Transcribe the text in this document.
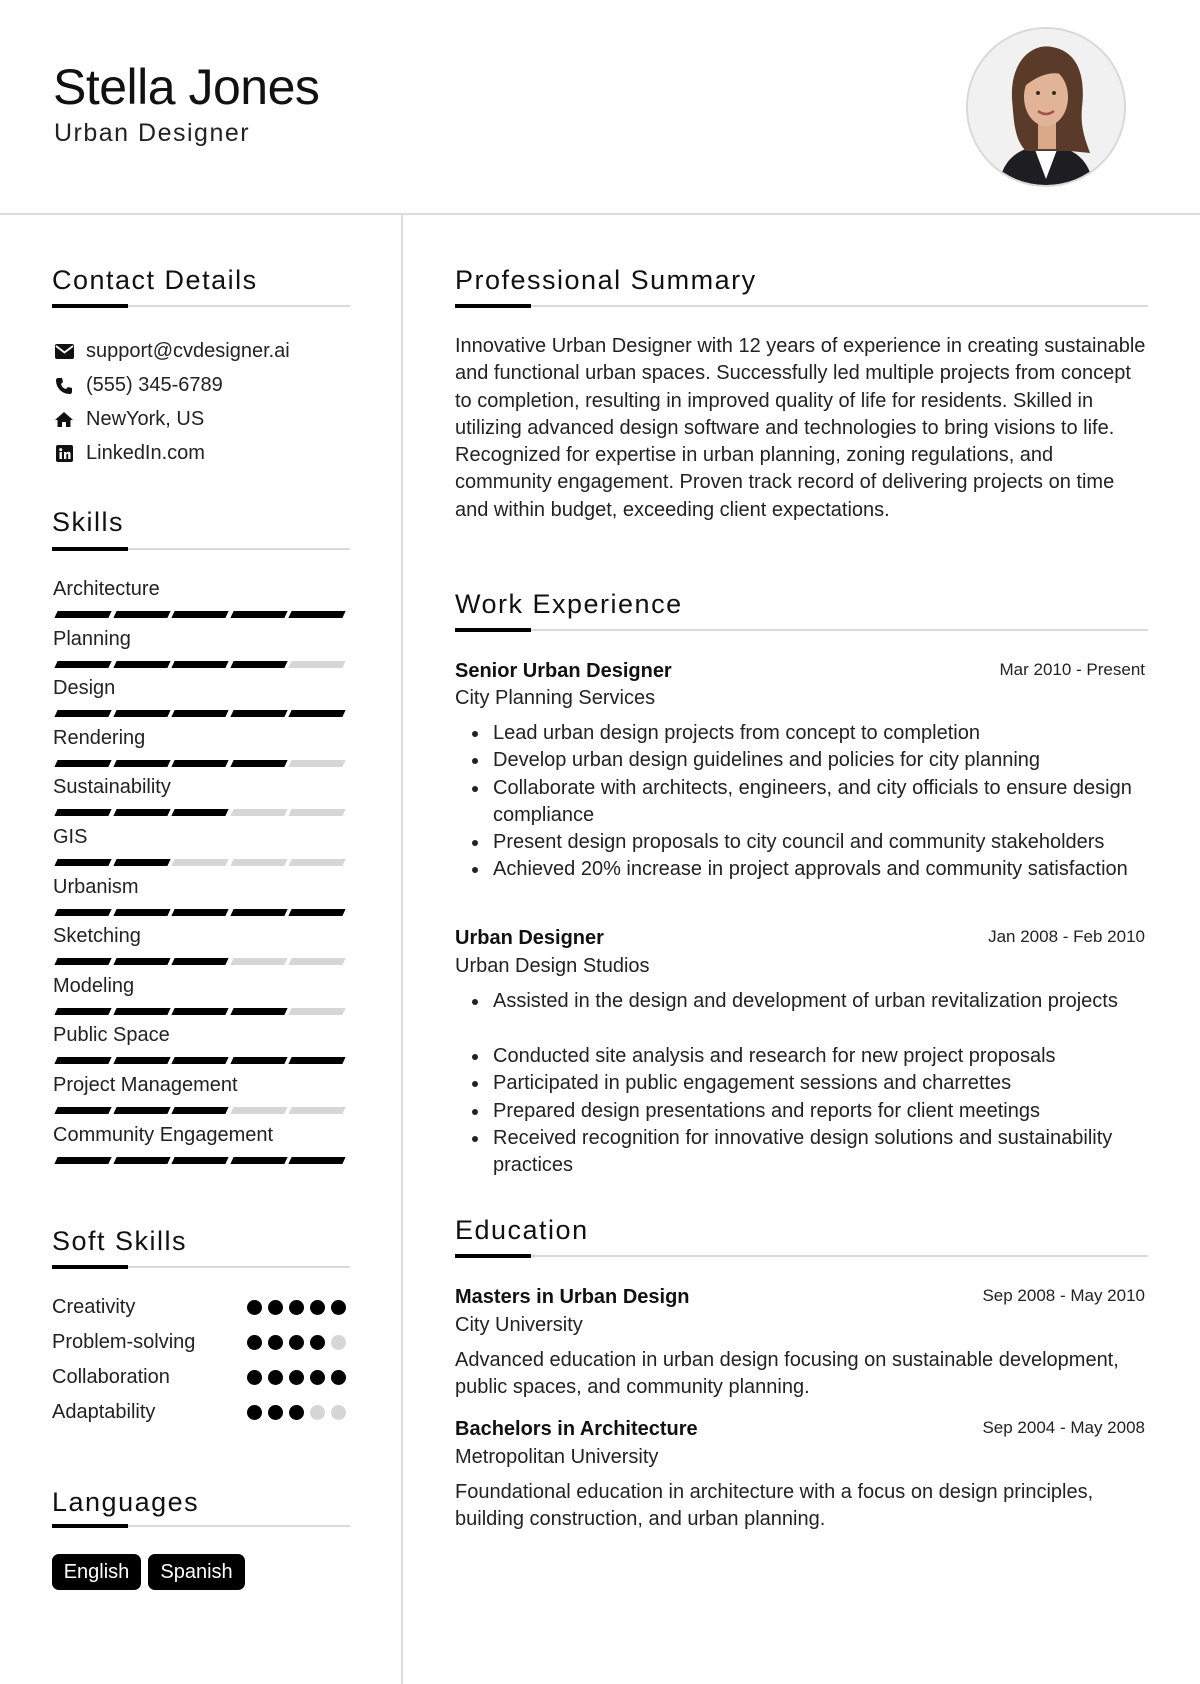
Stella Jones
Urban Designer
Contact Details
support@cvdesigner.ai
(555) 345-6789
NewYork, US
LinkedIn.com
Skills
Architecture
Planning
Design
Rendering
Sustainability
GIS
Urbanism
Sketching
Modeling
Public Space
Project Management
Community Engagement
Soft Skills
Creativity
Problem-solving
Collaboration
Adaptability
Languages
English	Spanish
Professional Summary
Innovative Urban Designer with 12 years of experience in creating sustainable and functional urban spaces. Successfully led multiple projects from concept to completion, resulting in improved quality of life for residents. Skilled in utilizing advanced design software and technologies to bring visions to life. Recognized for expertise in urban planning, zoning regulations, and community engagement. Proven track record of delivering projects on time and within budget, exceeding client expectations.
Work Experience
Senior Urban Designer	Mar 2010 - Present
City Planning Services
Lead urban design projects from concept to completion
Develop urban design guidelines and policies for city planning
Collaborate with architects, engineers, and city officials to ensure design compliance
Present design proposals to city council and community stakeholders
Achieved 20% increase in project approvals and community satisfaction
Urban Designer	Jan 2008 - Feb 2010
Urban Design Studios
Assisted in the design and development of urban revitalization projects
Conducted site analysis and research for new project proposals
Participated in public engagement sessions and charrettes
Prepared design presentations and reports for client meetings
Received recognition for innovative design solutions and sustainability practices
Education
Masters in Urban Design	Sep 2008 - May 2010
City University
Advanced education in urban design focusing on sustainable development, public spaces, and community planning.
Bachelors in Architecture	Sep 2004 - May 2008
Metropolitan University
Foundational education in architecture with a focus on design principles, building construction, and urban planning.
